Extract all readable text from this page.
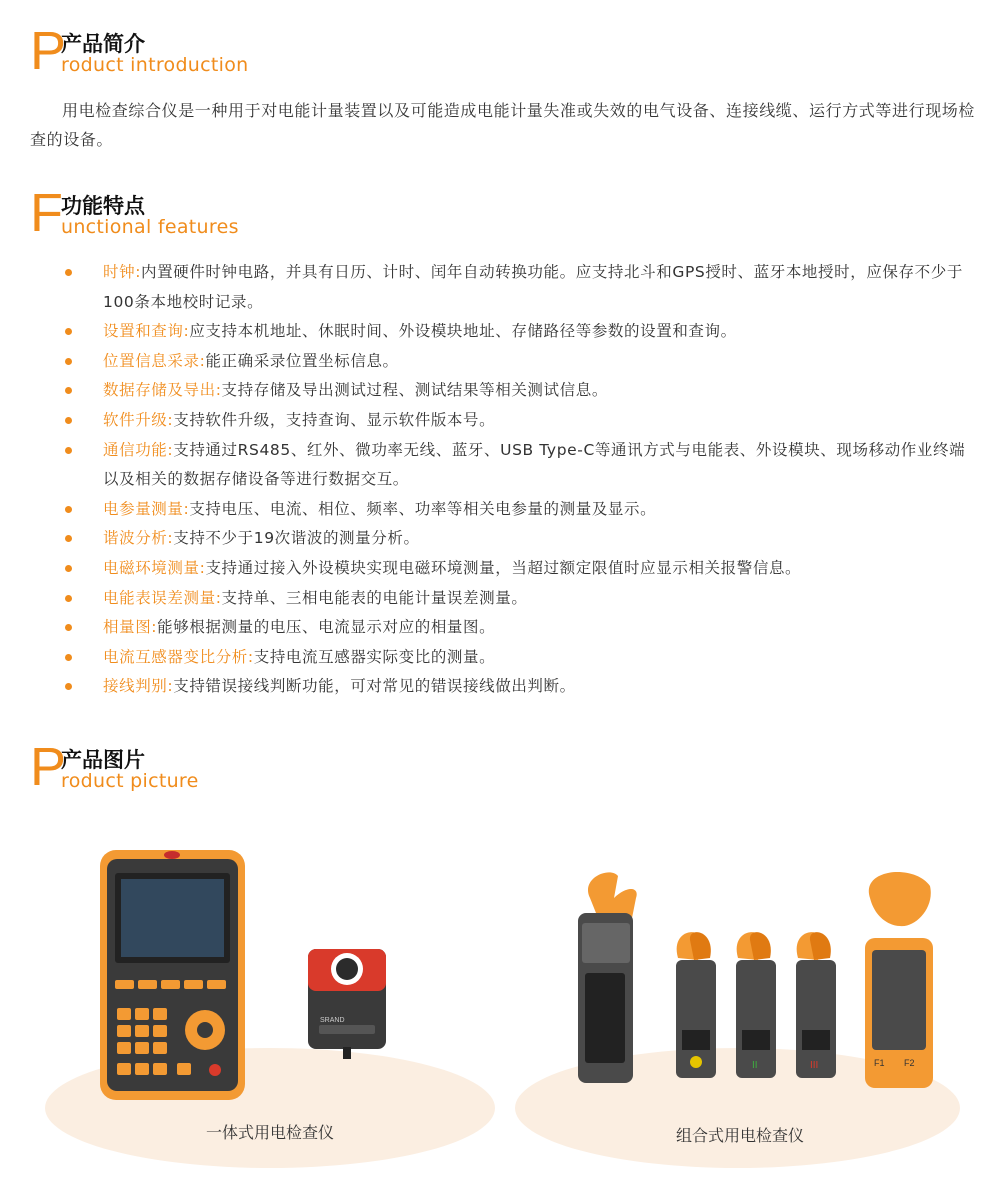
P
产品简介
roduct introduction

用电检查综合仪是一种用于对电能计量装置以及可能造成电能计量失准或失效的电气设备、连接线缆、运行方式等进行现场检查的设备。

F
功能特点
unctional features
时钟:内置硬件时钟电路，并具有日历、计时、闰年自动转换功能。应支持北斗和GPS授时、蓝牙本地授时，应保存不少于100条本地校时记录。
设置和查询:应支持本机地址、休眠时间、外设模块地址、存储路径等参数的设置和查询。
位置信息采录:能正确采录位置坐标信息。
数据存储及导出:支持存储及导出测试过程、测试结果等相关测试信息。
软件升级:支持软件升级，支持查询、显示软件版本号。
通信功能:支持通过RS485、红外、微功率无线、蓝牙、USB Type-C等通讯方式与电能表、外设模块、现场移动作业终端以及相关的数据存储设备等进行数据交互。
电参量测量:支持电压、电流、相位、频率、功率等相关电参量的测量及显示。
谐波分析:支持不少于19次谐波的测量分析。
电磁环境测量:支持通过接入外设模块实现电磁环境测量，当超过额定限值时应显示相关报警信息。
电能表误差测量:支持单、三相电能表的电能计量误差测量。
相量图:能够根据测量的电压、电流显示对应的相量图。
电流互感器变比分析:支持电流互感器实际变比的测量。
接线判别:支持错误接线判断功能，可对常见的错误接线做出判断。
P
产品图片
roduct picture
SRAND
II	III	F1 F2
一体式用电检查仪	组合式用电检查仪
